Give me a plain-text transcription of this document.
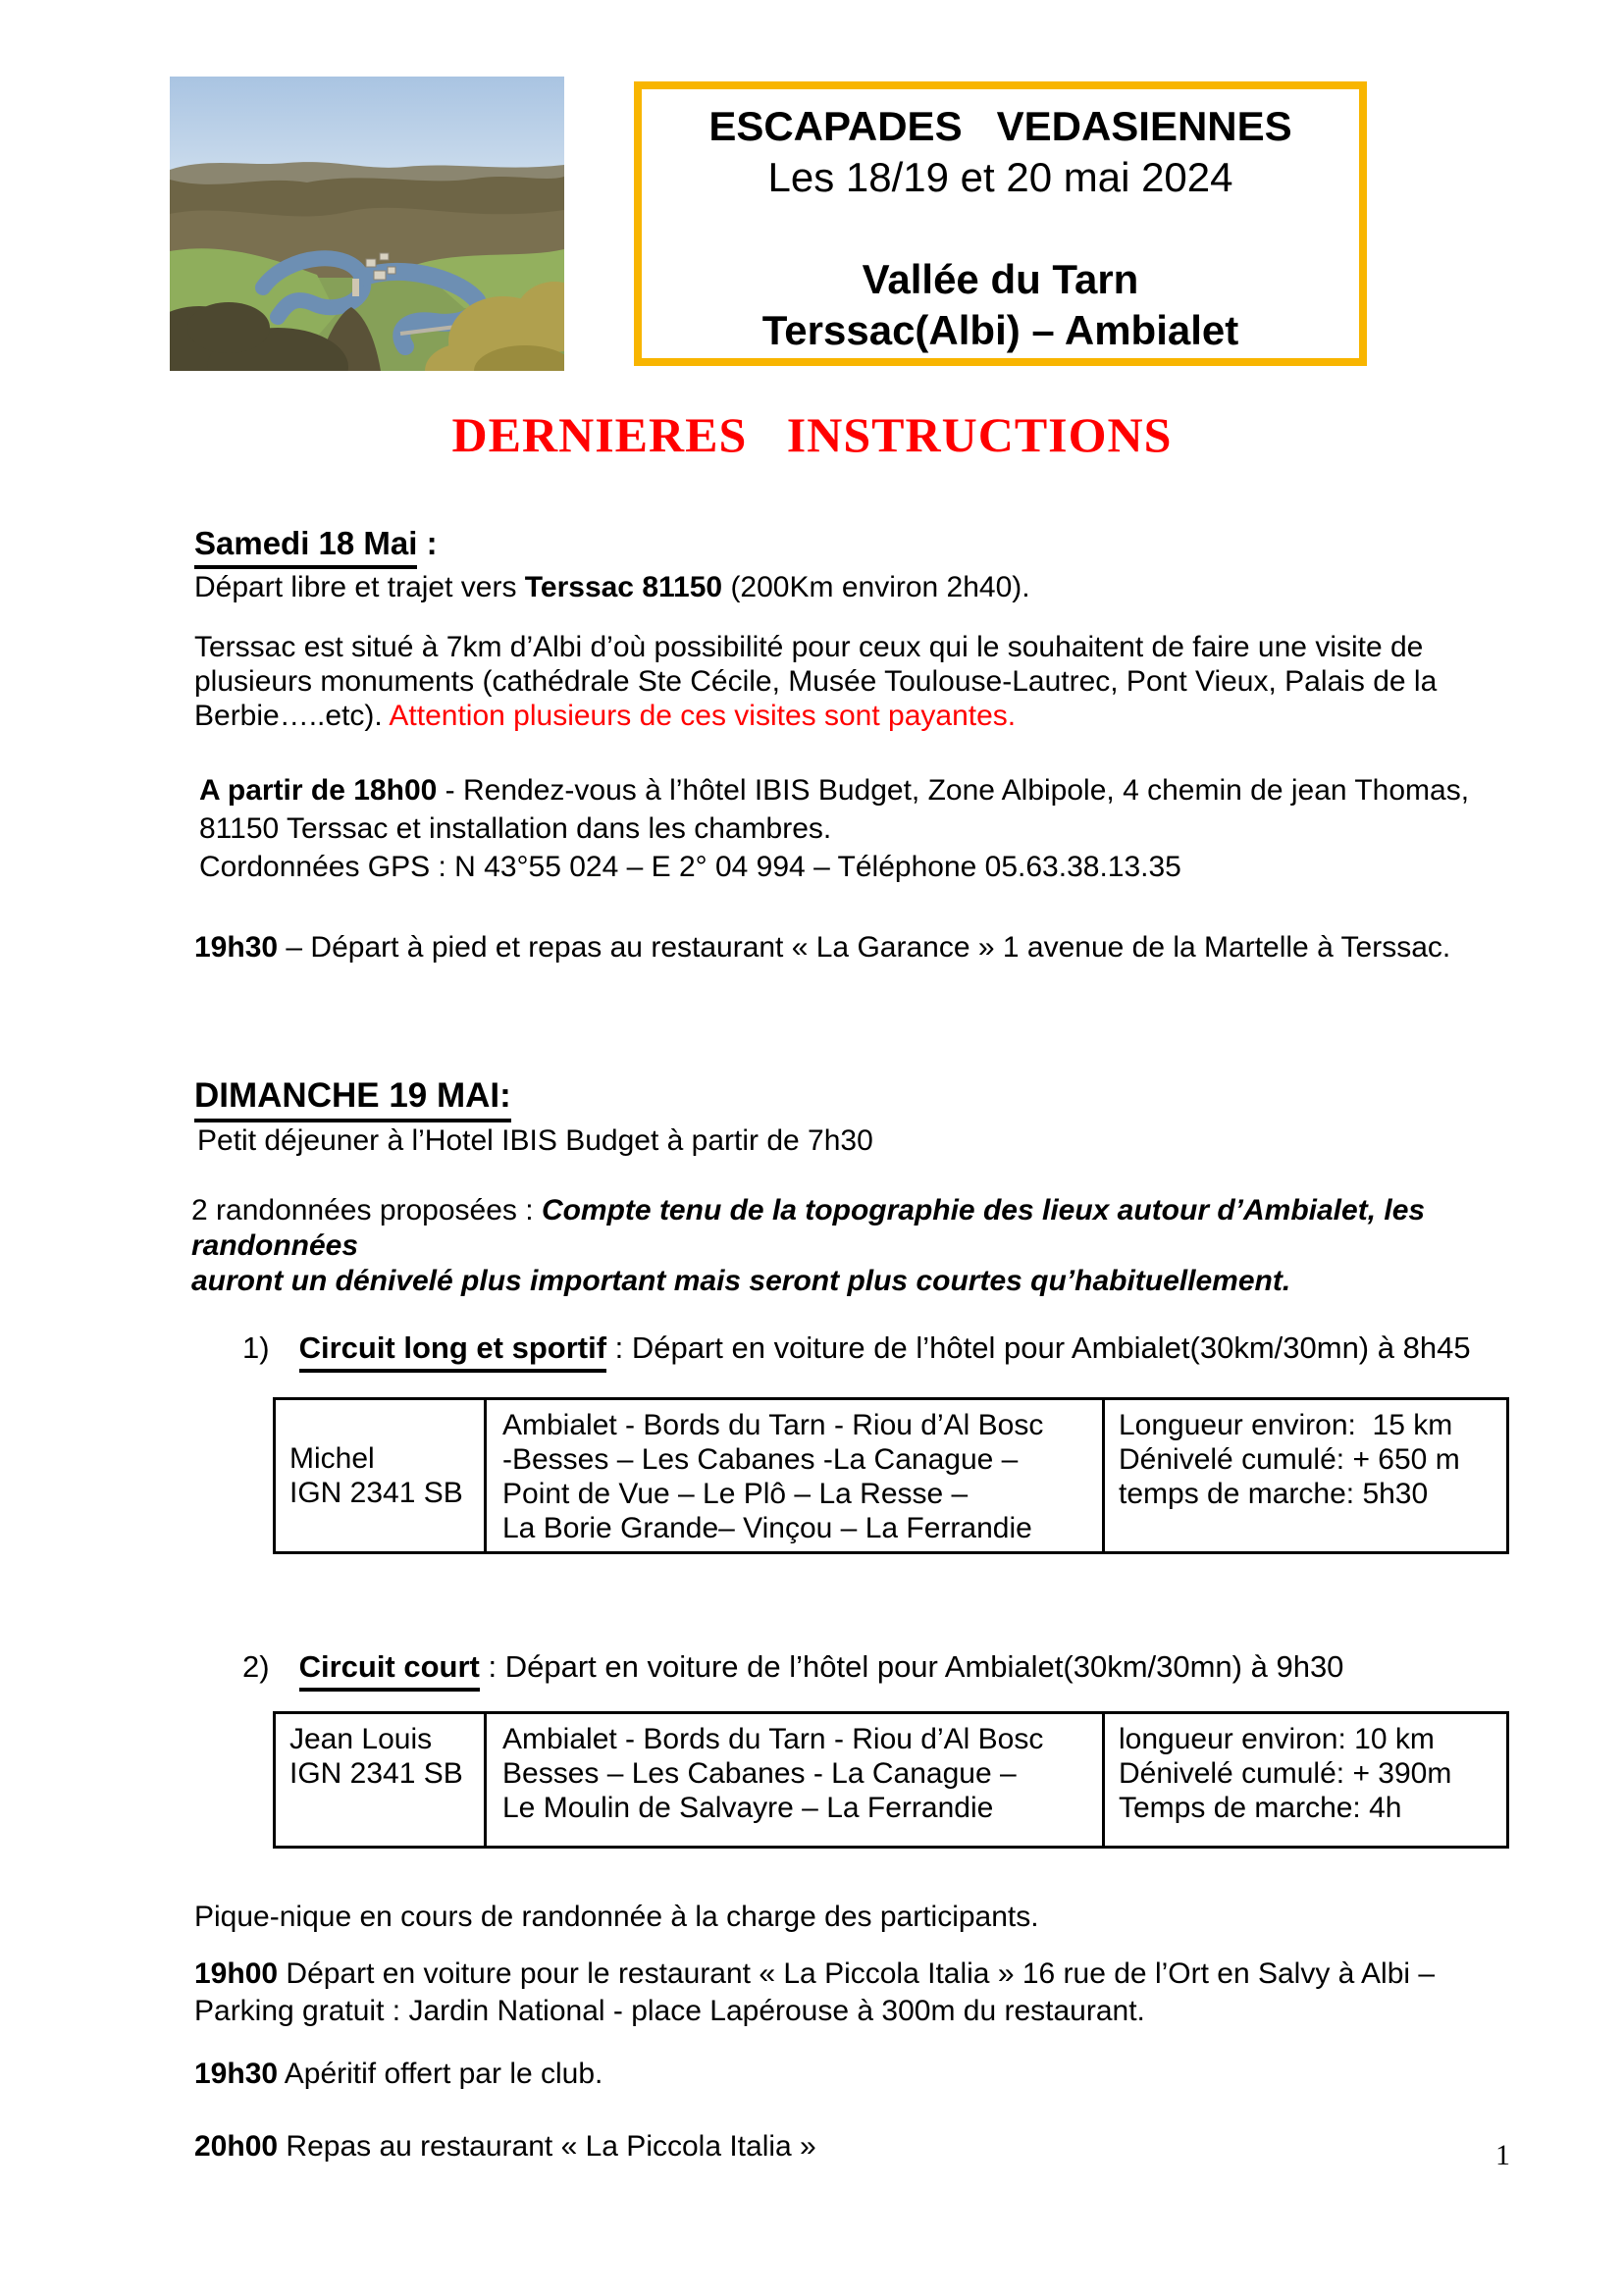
ESCAPADES   VEDASIENNES
Les 18/19 et 20 mai 2024
Vallée du Tarn
Terssac(Albi) – Ambialet
DERNIERES   INSTRUCTIONS
Samedi 18 Mai :
Départ libre et trajet vers Terssac 81150 (200Km environ 2h40).
Terssac est situé à 7km d’Albi d’où possibilité pour ceux qui le souhaitent de faire une visite de
plusieurs monuments (cathédrale Ste Cécile, Musée Toulouse-Lautrec, Pont Vieux, Palais de la
Berbie…..etc). Attention plusieurs de ces visites sont payantes.
A partir de 18h00 - Rendez-vous à l’hôtel IBIS Budget, Zone Albipole, 4 chemin de jean Thomas,
81150 Terssac et installation dans les chambres.
Cordonnées GPS : N 43°55 024 – E 2° 04 994 – Téléphone 05.63.38.13.35
19h30 – Départ à pied et repas au restaurant « La Garance » 1 avenue de la Martelle à Terssac.
DIMANCHE 19 MAI:
Petit déjeuner à l’Hotel IBIS Budget à partir de 7h30
2 randonnées proposées : Compte tenu de la topographie des lieux autour d’Ambialet, les randonnées
auront un dénivelé plus important mais seront plus courtes qu’habituellement.
1) Circuit long et sportif : Départ en voiture de l’hôtel pour Ambialet(30km/30mn) à 8h45
Michel
IGN 2341 SB
Ambialet - Bords du Tarn - Riou d’Al Bosc
-Besses – Les Cabanes -La Canague –
Point de Vue – Le Plô – La Resse –
La Borie Grande– Vinçou – La Ferrandie
Longueur environ:  15 km
Dénivelé cumulé: + 650 m
temps de marche: 5h30
2) Circuit court : Départ en voiture de l’hôtel pour Ambialet(30km/30mn) à 9h30
Jean Louis
IGN 2341 SB
Ambialet - Bords du Tarn - Riou d’Al Bosc
Besses – Les Cabanes - La Canague –
Le Moulin de Salvayre – La Ferrandie
longueur environ: 10 km
Dénivelé cumulé: + 390m
Temps de marche: 4h
Pique-nique en cours de randonnée à la charge des participants.
19h00 Départ en voiture pour le restaurant « La Piccola Italia » 16 rue de l’Ort en Salvy à Albi –
Parking gratuit : Jardin National - place Lapérouse à 300m du restaurant.
19h30 Apéritif offert par le club.
20h00 Repas au restaurant « La Piccola Italia »	1
